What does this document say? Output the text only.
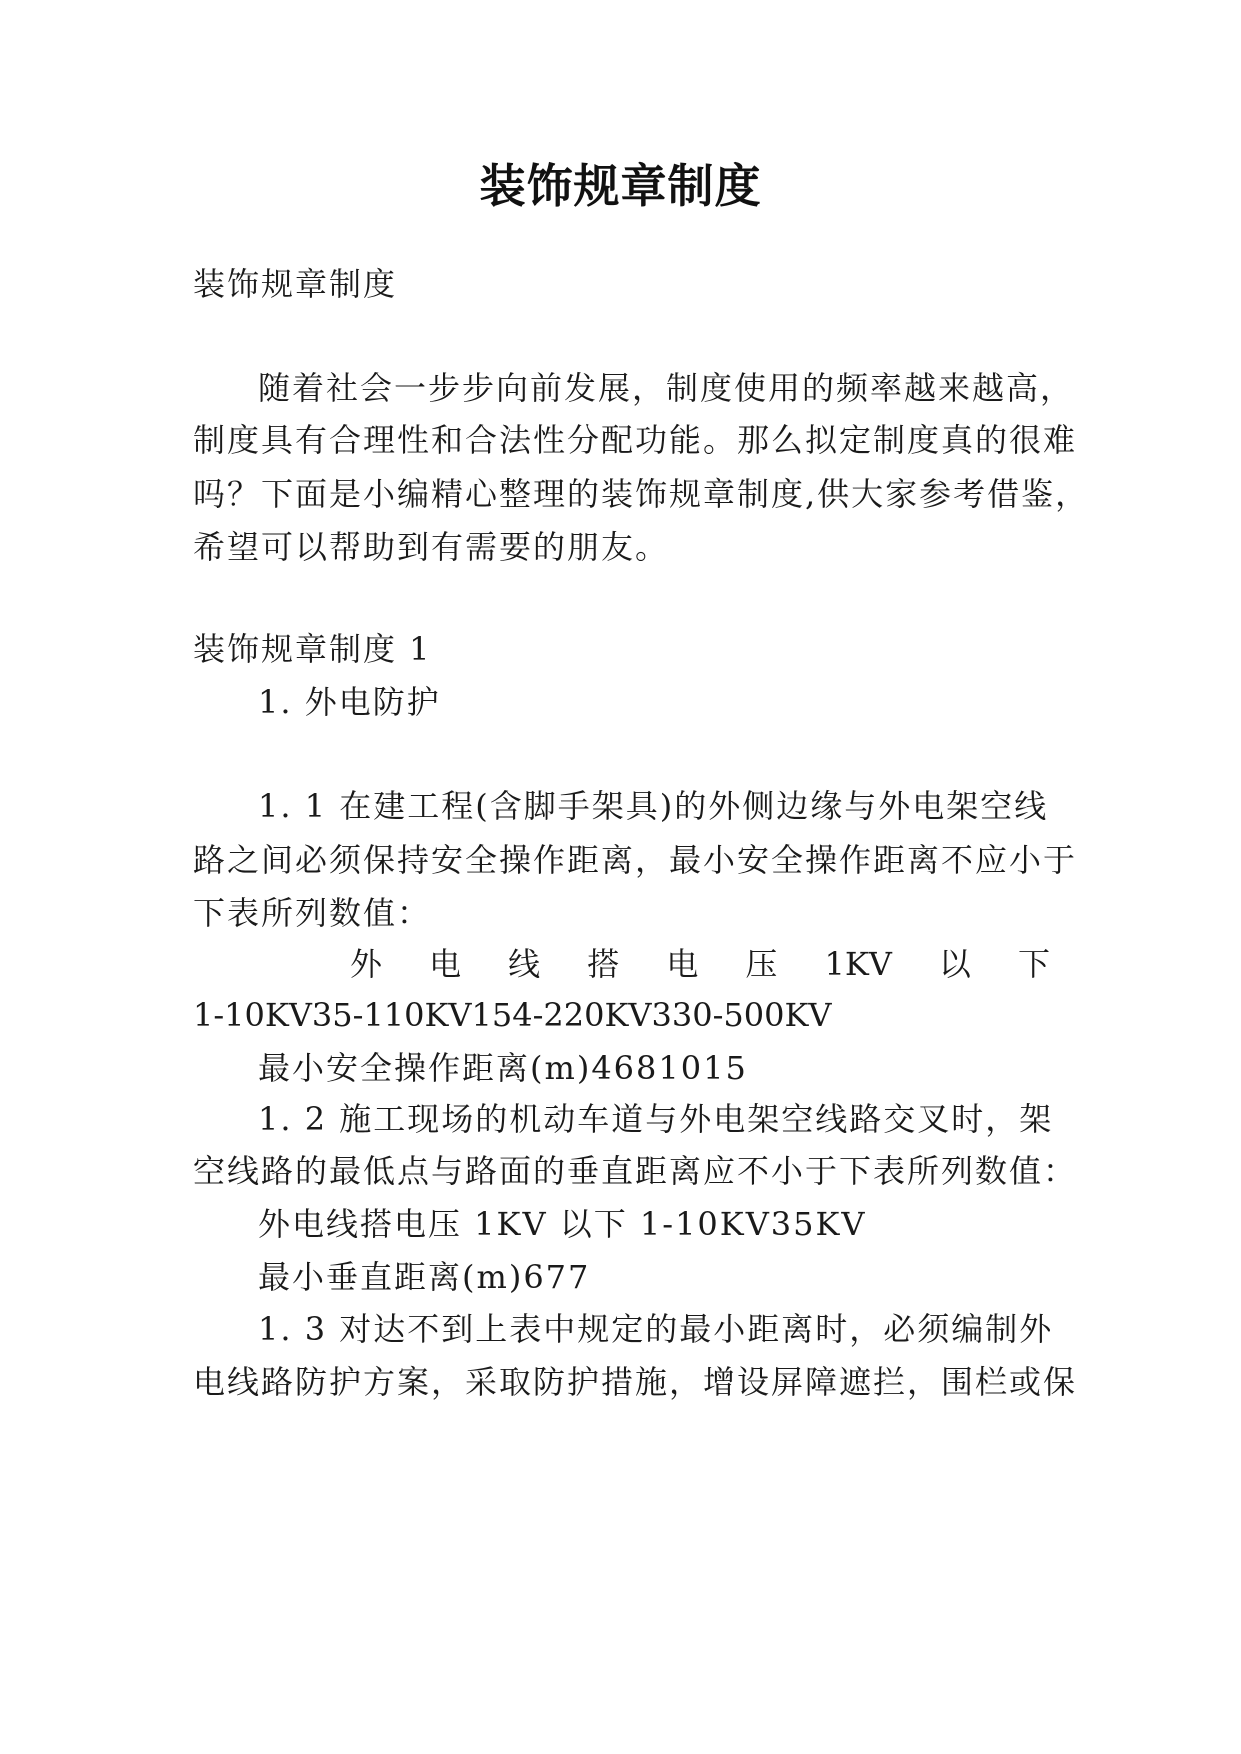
装饰规章制度
装饰规章制度
随着社会一步步向前发展，制度使用的频率越来越高，
制度具有合理性和合法性分配功能。那么拟定制度真的很难
吗？下面是小编精心整理的装饰规章制度,供大家参考借鉴，
希望可以帮助到有需要的朋友。
装饰规章制度 1
1. 外电防护
1. 1 在建工程(含脚手架具)的外侧边缘与外电架空线
路之间必须保持安全操作距离，最小安全操作距离不应小于
下表所列数值：
外 电 线 搭 电 压 1KV 以 下
1-10KV35-110KV154-220KV330-500KV
最小安全操作距离(m)4681015
1. 2 施工现场的机动车道与外电架空线路交叉时，架
空线路的最低点与路面的垂直距离应不小于下表所列数值：
外电线搭电压 1KV 以下 1-10KV35KV
最小垂直距离(m)677
1. 3 对达不到上表中规定的最小距离时，必须编制外
电线路防护方案，采取防护措施，增设屏障遮拦，围栏或保
